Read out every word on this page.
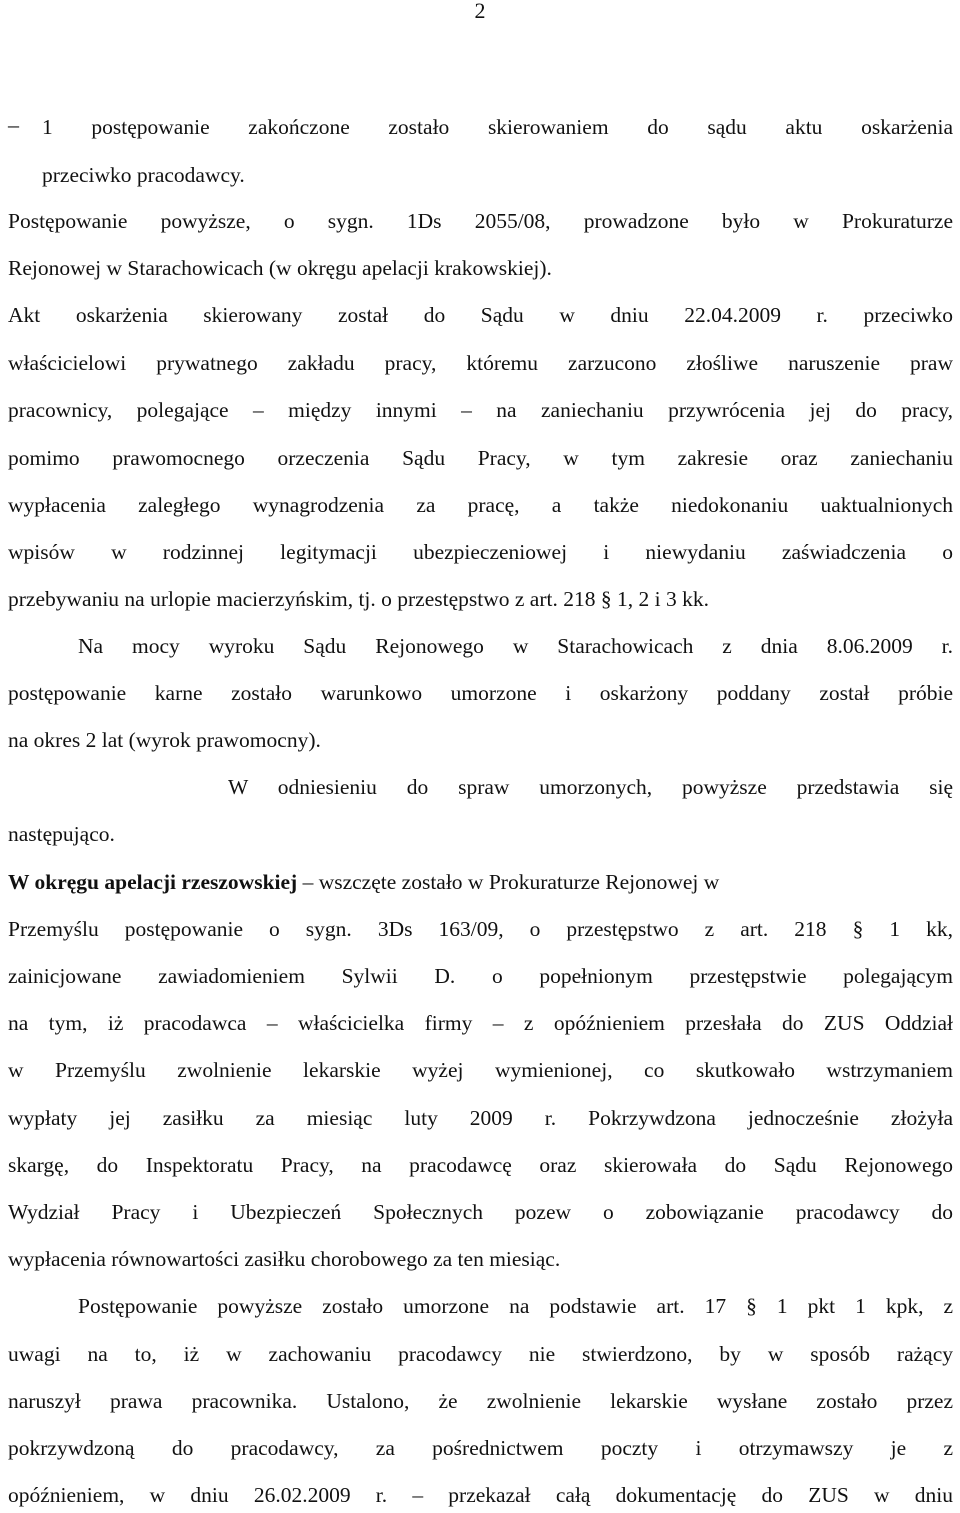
2
– 1 postępowanie zakończone zostało skierowaniem do sądu aktu oskarżenia
przeciwko pracodawcy.
Postępowanie powyższe, o sygn. 1Ds 2055/08, prowadzone było w Prokuraturze
Rejonowej w Starachowicach (w okręgu apelacji krakowskiej).
Akt oskarżenia skierowany został do Sądu w dniu 22.04.2009 r. przeciwko
właścicielowi prywatnego zakładu pracy, któremu zarzucono złośliwe naruszenie praw
pracownicy, polegające – między innymi – na zaniechaniu przywrócenia jej do pracy,
pomimo prawomocnego orzeczenia Sądu Pracy, w tym zakresie oraz zaniechaniu
wypłacenia zaległego wynagrodzenia za pracę, a także niedokonaniu uaktualnionych
wpisów w rodzinnej legitymacji ubezpieczeniowej i niewydaniu zaświadczenia o
przebywaniu na urlopie macierzyńskim, tj. o przestępstwo z art. 218 § 1, 2 i 3 kk.
Na mocy wyroku Sądu Rejonowego w Starachowicach z dnia 8.06.2009 r.
postępowanie karne zostało warunkowo umorzone i oskarżony poddany został próbie
na okres 2 lat (wyrok prawomocny).
W odniesieniu do spraw umorzonych, powyższe przedstawia się
następująco.
W okręgu apelacji rzeszowskiej – wszczęte zostało w Prokuraturze Rejonowej w
Przemyślu postępowanie o sygn. 3Ds 163/09, o przestępstwo z art. 218 § 1 kk,
zainicjowane zawiadomieniem Sylwii D. o popełnionym przestępstwie polegającym
na tym, iż pracodawca – właścicielka firmy – z opóźnieniem przesłała do ZUS Oddział
w Przemyślu zwolnienie lekarskie wyżej wymienionej, co skutkowało wstrzymaniem
wypłaty jej zasiłku za miesiąc luty 2009 r. Pokrzywdzona jednocześnie złożyła
skargę, do Inspektoratu Pracy, na pracodawcę oraz skierowała do Sądu Rejonowego
Wydział Pracy i Ubezpieczeń Społecznych pozew o zobowiązanie pracodawcy do
wypłacenia równowartości zasiłku chorobowego za ten miesiąc.
Postępowanie powyższe zostało umorzone na podstawie art. 17 § 1 pkt 1 kpk, z
uwagi na to, iż w zachowaniu pracodawcy nie stwierdzono, by w sposób rażący
naruszył prawa pracownika. Ustalono, że zwolnienie lekarskie wysłane zostało przez
pokrzywdzoną do pracodawcy, za pośrednictwem poczty i otrzymawszy je z
opóźnieniem, w dniu 26.02.2009 r. – przekazał całą dokumentację do ZUS w dniu
